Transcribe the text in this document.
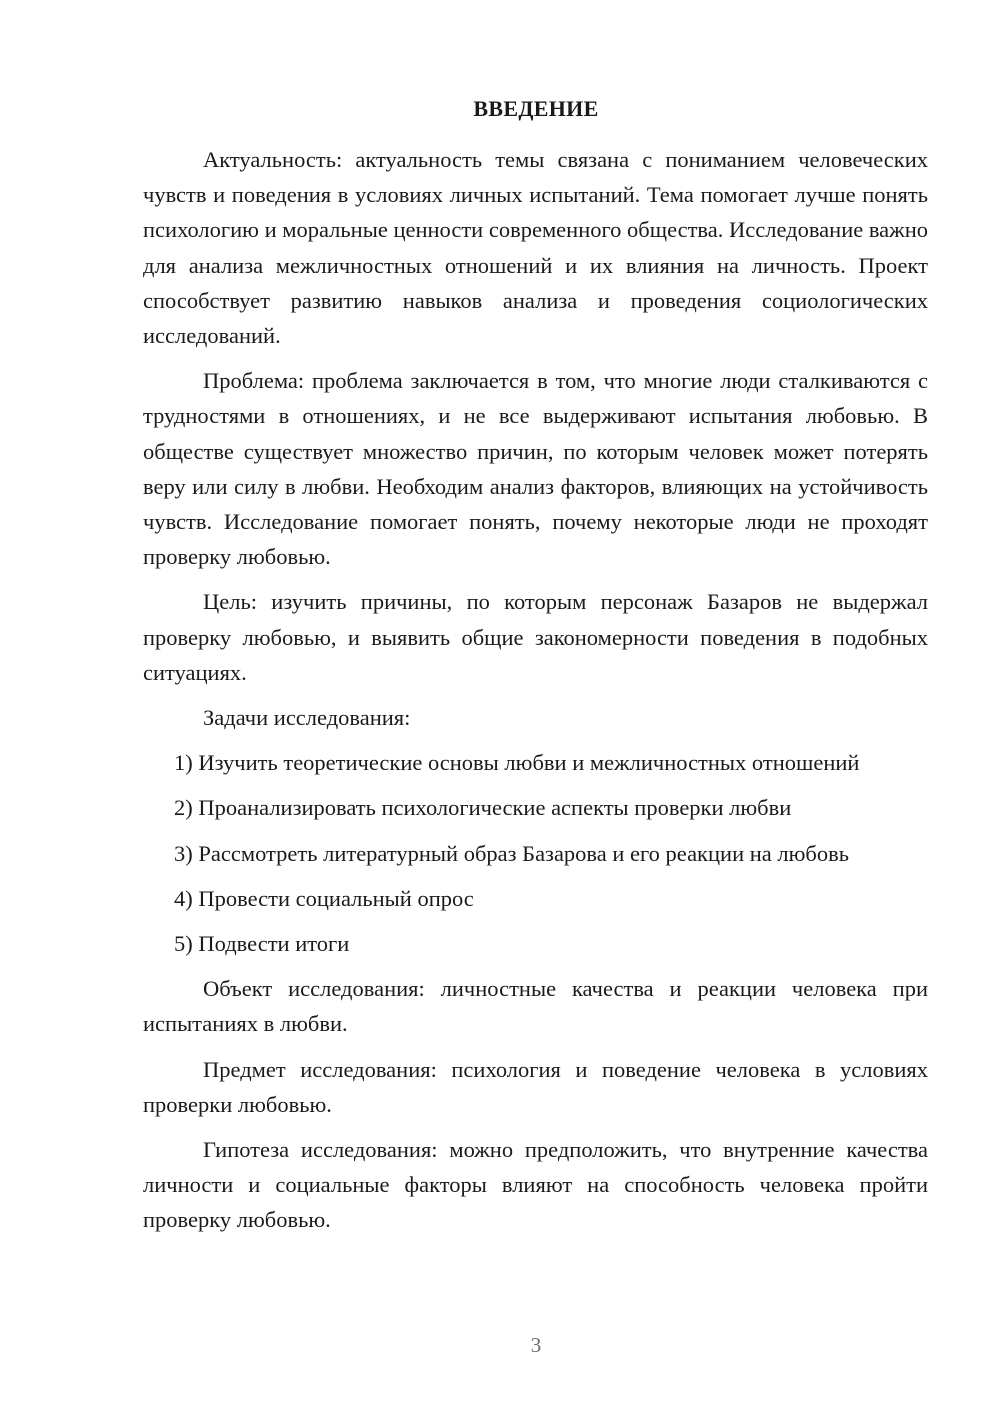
ВВЕДЕНИЕ

Актуальность: актуальность темы связана с пониманием человеческих чувств и поведения в условиях личных испытаний. Тема помогает лучше понять психологию и моральные ценности современного общества. Исследование важно для анализа межличностных отношений и их влияния на личность. Проект способствует развитию навыков анализа и проведения социологических исследований.

Проблема: проблема заключается в том, что многие люди сталкиваются с трудностями в отношениях, и не все выдерживают испытания любовью. В обществе существует множество причин, по которым человек может потерять веру или силу в любви. Необходим анализ факторов, влияющих на устойчивость чувств. Исследование помогает понять, почему некоторые люди не проходят проверку любовью.

Цель: изучить причины, по которым персонаж Базаров не выдержал проверку любовью, и выявить общие закономерности поведения в подобных ситуациях.

Задачи исследования:

1) Изучить теоретические основы любви и межличностных отношений
2) Проанализировать психологические аспекты проверки любви
3) Рассмотреть литературный образ Базарова и его реакции на любовь
4) Провести социальный опрос
5) Подвести итоги

Объект исследования: личностные качества и реакции человека при испытаниях в любви.

Предмет исследования: психология и поведение человека в условиях проверки любовью.

Гипотеза исследования: можно предположить, что внутренние качества личности и социальные факторы влияют на способность человека пройти проверку любовью.

3
